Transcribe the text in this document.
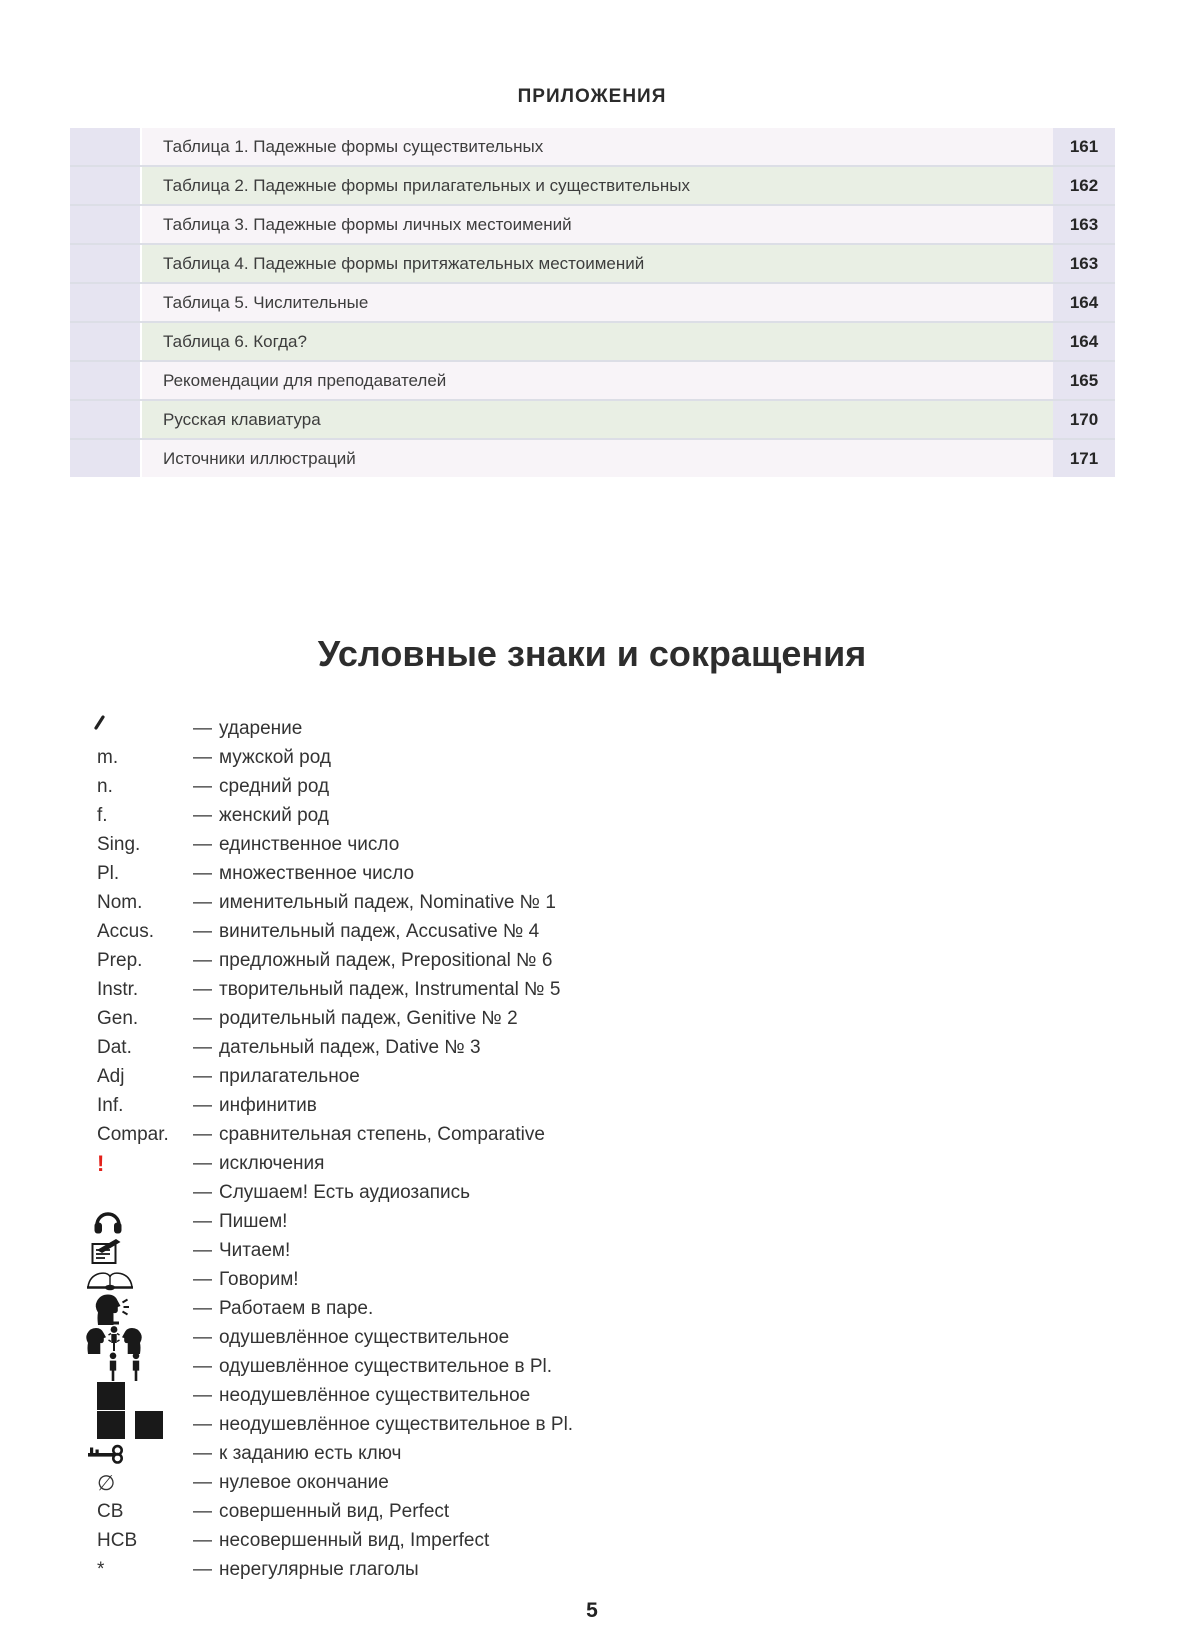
ПРИЛОЖЕНИЯ
Таблица 1. Падежные формы существительных	161
Таблица 2. Падежные формы прилагательных и существительных	162
Таблица 3. Падежные формы личных местоимений	163
Таблица 4. Падежные формы притяжательных местоимений	163
Таблица 5. Числительные	164
Таблица 6. Когда?	164
Рекомендации для преподавателей	165
Русская клавиатура	170
Источники иллюстраций	171
Условные знаки и сокращения
— ударение
m.	— мужской род
n.	— средний род
f.	— женский род
Sing.	— единственное число
Pl.	— множественное число
Nom.	— именительный падеж, Nominative № 1
Accus.	— винительный падеж, Accusative № 4
Prep.	— предложный падеж, Prepositional № 6
Instr.	— творительный падеж, Instrumental № 5
Gen.	— родительный падеж, Genitive № 2
Dat.	— дательный падеж, Dative № 3
Adj	— прилагательное
Inf.	— инфинитив
Compar.	— сравнительная степень, Comparative
!	— исключения
— Слушаем! Есть аудиозапись
— Пишем!
— Читаем!
— Говорим!
— Работаем в паре.
— одушевлённое существительное
— одушевлённое существительное в Pl.
— неодушевлённое существительное
— неодушевлённое существительное в Pl.
— к заданию есть ключ
∅	— нулевое окончание
СВ	— совершенный вид, Perfect
НСВ	— несовершенный вид, Imperfect
*	— нерегулярные глаголы
5
